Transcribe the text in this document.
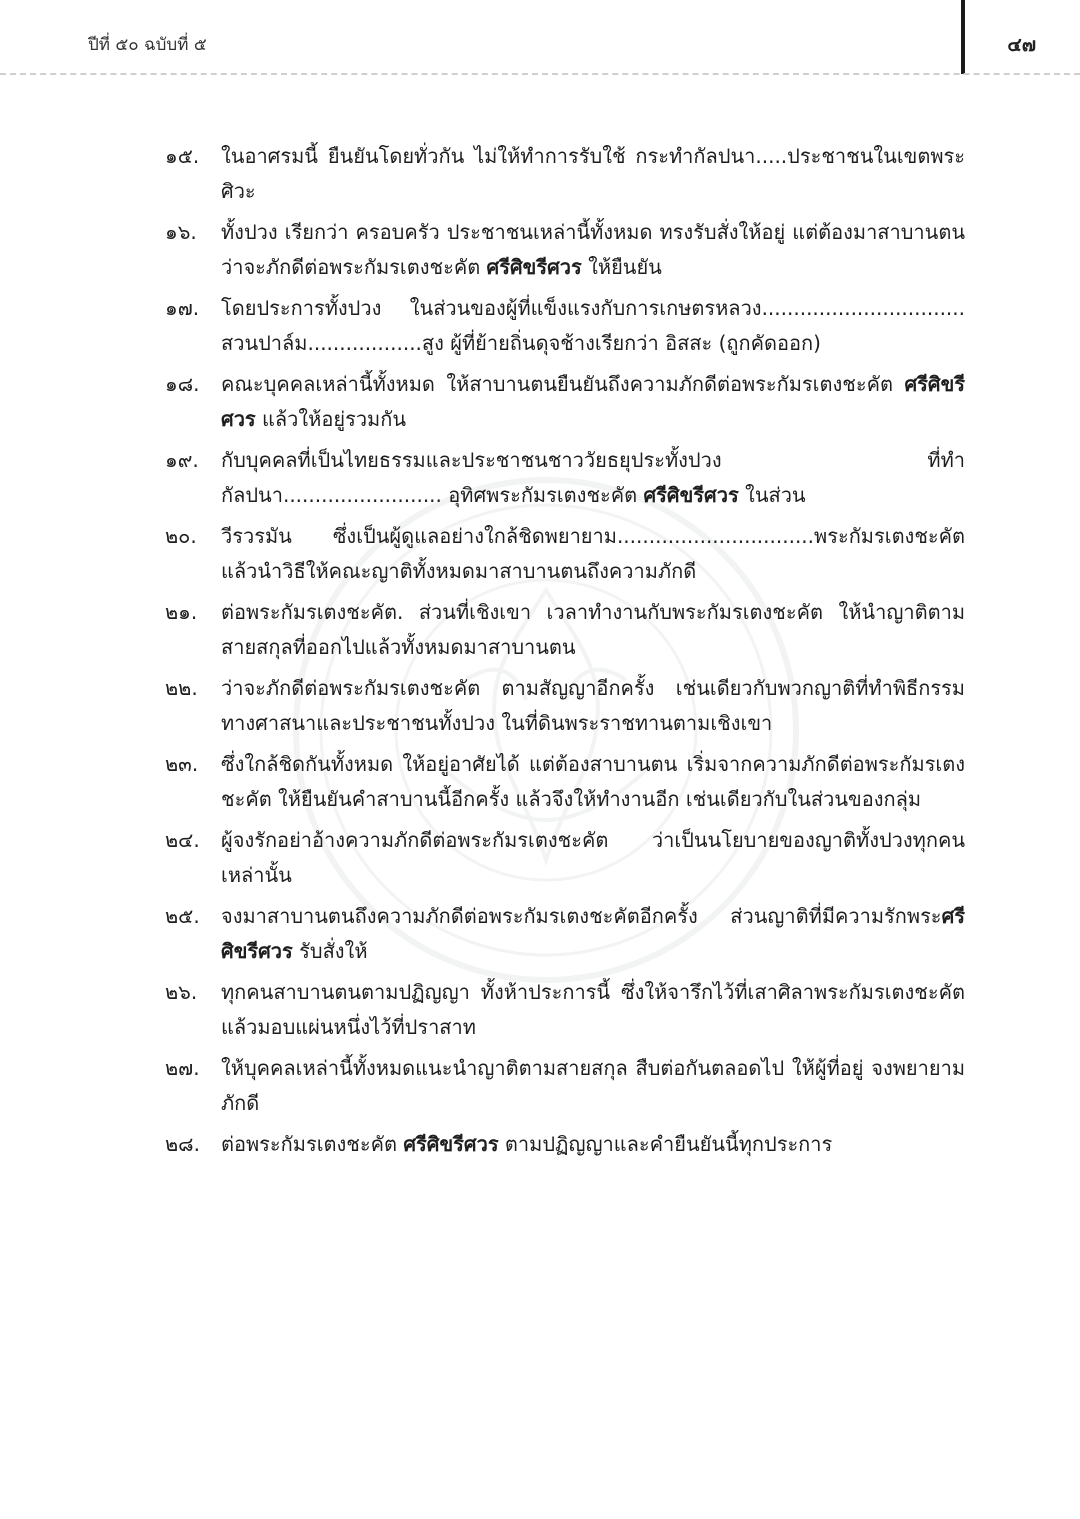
ปีที่ ๕๐ ฉบับที่ ๕	๔๗
๑๕.	ในอาศรมนี้ ยืนยันโดยทั่วกัน ไม่ให้ทำการรับใช้ กระทำกัลปนา.....ประชาชนในเขตพระศิวะ
๑๖.	ทั้งปวง เรียกว่า ครอบครัว ประชาชนเหล่านี้ทั้งหมด ทรงรับสั่งให้อยู่ แต่ต้องมาสาบานตนว่าจะภักดีต่อพระกัมรเตงชะคัต ศรีศิขรีศวร ให้ยืนยัน
๑๗.	โดยประการทั้งปวง ในส่วนของผู้ที่แข็งแรงกับการเกษตรหลวง................................ สวนปาล์ม..................สูง ผู้ที่ย้ายถิ่นดุจช้างเรียกว่า อิสสะ (ถูกคัดออก)
๑๘.	คณะบุคคลเหล่านี้ทั้งหมด ให้สาบานตนยืนยันถึงความภักดีต่อพระกัมรเตงชะคัต ศรีศิขรีศวร แล้วให้อยู่รวมกัน
๑๙.	กับบุคคลที่เป็นไทยธรรมและประชาชนชาววัยธยุประทั้งปวง ที่ทำกัลปนา......................... อุทิศพระกัมรเตงชะคัต ศรีศิขรีศวร ในส่วน
๒๐.	วีรวรมัน ซึ่งเป็นผู้ดูแลอย่างใกล้ชิดพยายาม...............................พระกัมรเตงชะคัต แล้วนำวิธีให้คณะญาติทั้งหมดมาสาบานตนถึงความภักดี
๒๑.	ต่อพระกัมรเตงชะคัต. ส่วนที่เชิงเขา เวลาทำงานกับพระกัมรเตงชะคัต ให้นำญาติตามสายสกุลที่ออกไปแล้วทั้งหมดมาสาบานตน
๒๒.	ว่าจะภักดีต่อพระกัมรเตงชะคัต ตามสัญญาอีกครั้ง เช่นเดียวกับพวกญาติที่ทำพิธีกรรมทางศาสนาและประชาชนทั้งปวง ในที่ดินพระราชทานตามเชิงเขา
๒๓.	ซึ่งใกล้ชิดกันทั้งหมด ให้อยู่อาศัยได้ แต่ต้องสาบานตน เริ่มจากความภักดีต่อพระกัมรเตงชะคัต ให้ยืนยันคำสาบานนี้อีกครั้ง แล้วจึงให้ทำงานอีก เช่นเดียวกับในส่วนของกลุ่ม
๒๔.	ผู้จงรักอย่าอ้างความภักดีต่อพระกัมรเตงชะคัต ว่าเป็นนโยบายของญาติทั้งปวงทุกคนเหล่านั้น
๒๕.	จงมาสาบานตนถึงความภักดีต่อพระกัมรเตงชะคัตอีกครั้ง ส่วนญาติที่มีความรักพระศรีศิขรีศวร รับสั่งให้
๒๖.	ทุกคนสาบานตนตามปฏิญญา ทั้งห้าประการนี้ ซึ่งให้จารึกไว้ที่เสาศิลาพระกัมรเตงชะคัต แล้วมอบแผ่นหนึ่งไว้ที่ปราสาท
๒๗.	ให้บุคคลเหล่านี้ทั้งหมดแนะนำญาติตามสายสกุล สืบต่อกันตลอดไป ให้ผู้ที่อยู่ จงพยายามภักดี
๒๘.	ต่อพระกัมรเตงชะคัต ศรีศิขรีศวร ตามปฏิญญาและคำยืนยันนี้ทุกประการ
